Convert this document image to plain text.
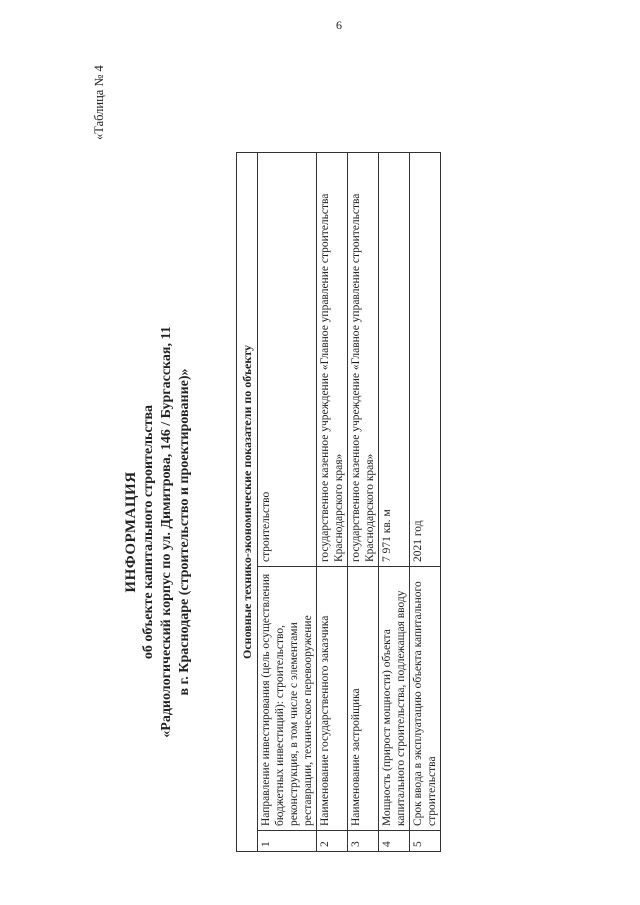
6
«Таблица № 4
ИНФОРМАЦИЯ об объекте капитального строительства «Радиологический корпус по ул. Димитрова, 146 / Бургасская, 11 в г. Краснодаре (строительство и проектирование)»	Основные технико-экономические показатели по объекту		
1	Направление инвестирования (цель осуществления бюджетных инвестиций): строительство, реконструкция, в том числе с элементами реставрации, техническое перевооружение	строительство
2	Наименование государственного заказчика	государственное казенное учреждение «Главное управление строительства Краснодарского края»
3	Наименование застройщика	государственное казенное учреждение «Главное управление строительства Краснодарского края»
4	Мощность (прирост мощности) объекта капитального строительства, подлежащая вводу	7 971 кв. м
5	Срок ввода в эксплуатацию объекта капитального строительства	2021 год
